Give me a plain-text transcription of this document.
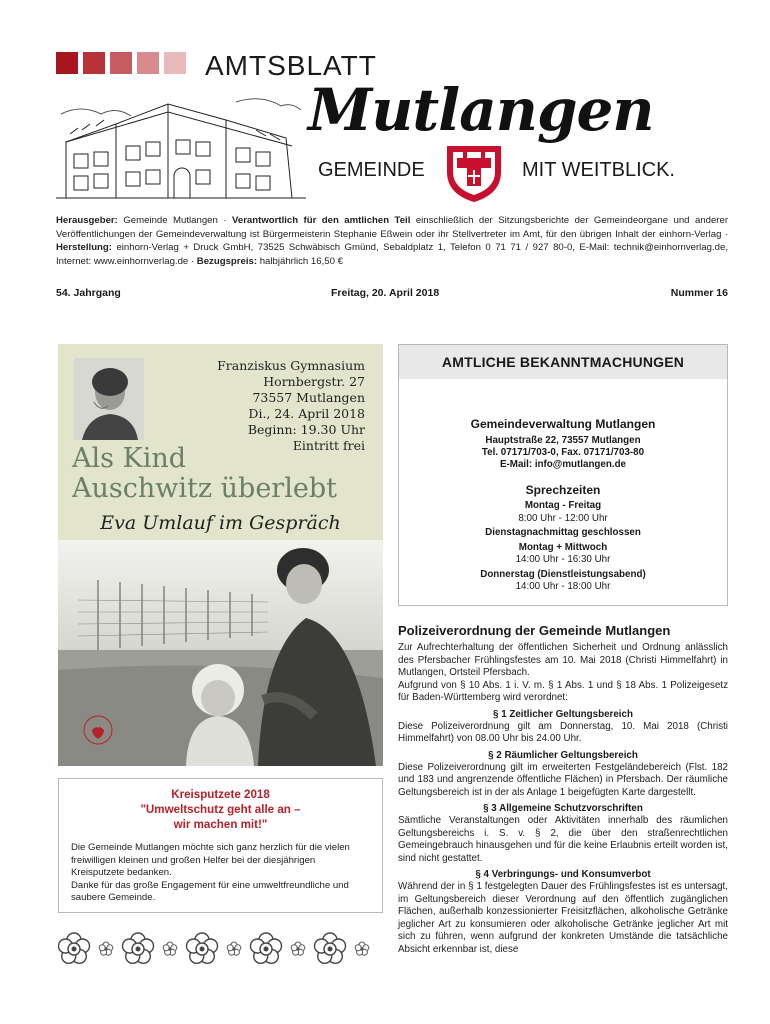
AMTSBLATT
Mutlangen
GEMEINDE	MIT WEITBLICK.
Herausgeber: Gemeinde Mutlangen · Verantwortlich für den amtlichen Teil einschließlich der Sitzungsberichte der Gemeindeorgane und anderer Veröffentlichungen der Gemeindeverwaltung ist Bürgermeisterin Stephanie Eßwein oder ihr Stellvertreter im Amt, für den übrigen Inhalt der einhorn-Verlag · Herstellung: einhorn-Verlag + Druck GmbH, 73525 Schwäbisch Gmünd, Sebaldplatz 1, Telefon 0 71 71 / 927 80-0, E-Mail: technik@einhornverlag.de, Internet: www.einhornverlag.de · Bezugspreis: halbjährlich 16,50 €
54. Jahrgang	Freitag, 20. April 2018	Nummer 16
Franziskus Gymnasium
Hornbergstr. 27
73557 Mutlangen
Di., 24. April 2018
Beginn: 19.30 Uhr
Eintritt frei
Als Kind
Auschwitz überlebt
Eva Umlauf im Gespräch
Kreisputzete 2018
"Umweltschutz geht alle an –
wir machen mit!"
Die Gemeinde Mutlangen möchte sich ganz herzlich für die vielen freiwilligen kleinen und großen Helfer bei der diesjährigen Kreisputzete bedanken.
Danke für das große Engagement für eine umweltfreundliche und saubere Gemeinde.
AMTLICHE BEKANNTMACHUNGEN
Gemeindeverwaltung Mutlangen
Hauptstraße 22, 73557 Mutlangen
Tel. 07171/703-0, Fax. 07171/703-80
E-Mail: info@mutlangen.de
Sprechzeiten
Montag - Freitag
8:00 Uhr - 12:00 Uhr
Dienstagnachmittag geschlossen
Montag + Mittwoch
14:00 Uhr - 16:30 Uhr
Donnerstag (Dienstleistungsabend)
14:00 Uhr - 18:00 Uhr
Polizeiverordnung der Gemeinde Mutlangen

Zur Aufrechterhaltung der öffentlichen Sicherheit und Ordnung anlässlich des Pfersbacher Frühlingsfestes am 10. Mai 2018 (Christi Himmelfahrt) in Mutlangen, Ortsteil Pfersbach.

Aufgrund von § 10 Abs. 1 i. V. m. § 1 Abs. 1 und § 18 Abs. 1 Polizeigesetz für Baden-Württemberg wird verordnet:

§ 1 Zeitlicher Geltungsbereich

Diese Polizeiverordnung gilt am Donnerstag, 10. Mai 2018 (Christi Himmelfahrt) von 08.00 Uhr bis 24.00 Uhr.

§ 2 Räumlicher Geltungsbereich

Diese Polizeiverordnung gilt im erweiterten Festgeländebereich (Flst. 182 und 183 und angrenzende öffentliche Flächen) in Pfersbach. Der räumliche Geltungsbereich ist in der als Anlage 1 beigefügten Karte dargestellt.

§ 3 Allgemeine Schutzvorschriften

Sämtliche Veranstaltungen oder Aktivitäten innerhalb des räumlichen Geltungsbereichs i. S. v. § 2, die über den straßenrechtlichen Gemeingebrauch hinausgehen und für die keine Erlaubnis erteilt worden ist, sind nicht gestattet.

§ 4 Verbringungs- und Konsumverbot

Während der in § 1 festgelegten Dauer des Frühlingsfestes ist es untersagt, im Geltungsbereich dieser Verordnung auf den öffentlich zugänglichen Flächen, außerhalb konzessionierter Freisitzflächen, alkoholische Getränke jeglicher Art zu konsumieren oder alkoholische Getränke jeglicher Art mit sich zu führen, wenn aufgrund der konkreten Umstände die tatsächliche Absicht erkennbar ist, diese
